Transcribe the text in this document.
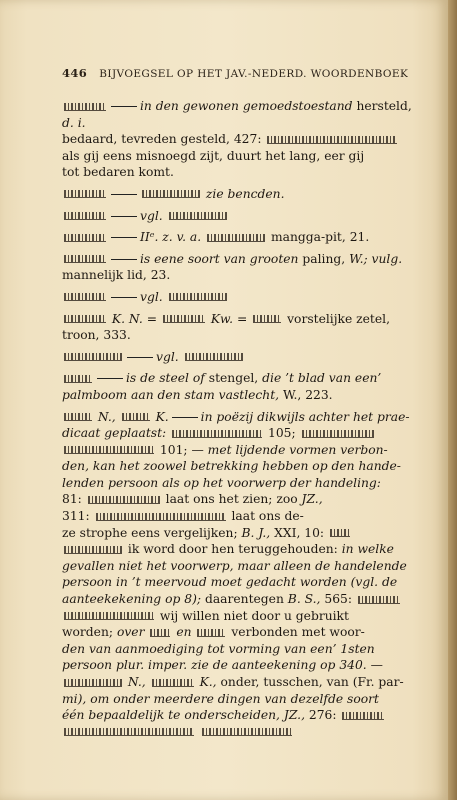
446 BIJVOEGSEL OP HET JAV.-NEDERD. WOORDENBOEK
in den gewonen gemoedstoestand hersteld, d. i.
bedaard, tevreden gesteld, 427:
als gij eens misnoegd zijt, duurt het lang, eer gij
tot bedaren komt.
zie bencden.
vgl.
IIᵉ. z. v. a.	mangga-pit, 21.
is eene soort van grooten paling, W.; vulg.
mannelijk lid, 23.
vgl.
K. N. =	Kw. =	vorstelijke zetel,
troon, 333.
vgl.
is de steel of stengel, die ’t blad van een’
palmboom aan den stam vastlecht, W., 223.
N.,	K.	in poëzij dikwijls achter het prae-
dicaat geplaatst:	105;
101; — met lijdende vormen verbon-
den, kan het zoowel betrekking hebben op den hande-
lenden persoon als op het voorwerp der handeling:
81:	laat ons het zien; zoo JZ.,
311:	laat ons de-
ze strophe eens vergelijken; B. J., XXI, 10:
ik word door hen teruggehouden: in welke
gevallen niet het voorwerp, maar alleen de handelende
persoon in ’t meervoud moet gedacht worden (vgl. de
aanteekekening op 8); daarentegen B. S., 565:
wij willen niet door u gebruikt
worden; over	en	verbonden met woor-
den van aanmoediging tot vorming van een’ 1sten
persoon plur. imper. zie de aanteekening op 340. —
N.,	K., onder, tusschen, van (Fr. par-
mi), om onder meerdere dingen van dezelfde soort
één bepaaldelijk te onderscheiden, JZ., 276:
